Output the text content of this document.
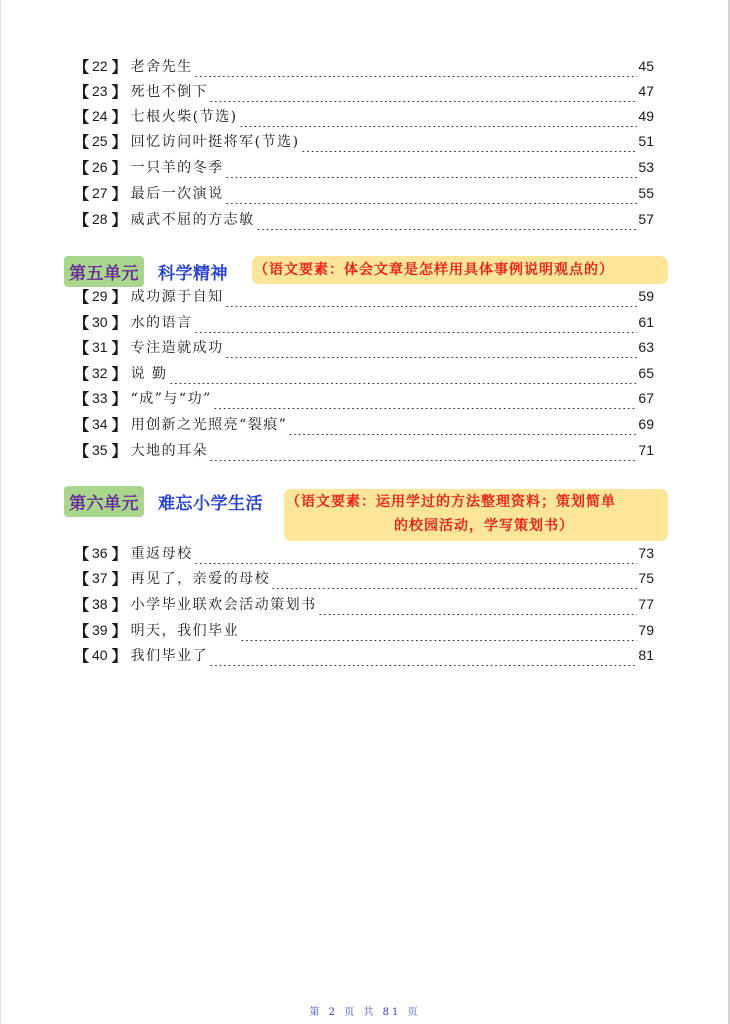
【 22 】 老舍先生	45
【 23 】 死也不倒下	47
【 24 】 七根火柴(节选)	49
【 25 】 回忆访问叶挺将军(节选)	51
【 26 】 一只羊的冬季	53
【 27 】 最后一次演说	55
【 28 】 威武不屈的方志敏	57
第五单元 科学精神 （语文要素：体会文章是怎样用具体事例说明观点的）
【 29 】 成功源于自知	59
【 30 】 水的语言	61
【 31 】 专注造就成功	63
【 32 】 说 勤	65
【 33 】 “成”与“功”	67
【 34 】 用创新之光照亮“裂痕”	69
【 35 】 大地的耳朵	71
第六单元 难忘小学生活 （语文要素：运用学过的方法整理资料；策划简单
的校园活动，学写策划书）
【 36 】 重返母校	73
【 37 】 再见了，亲爱的母校	75
【 38 】 小学毕业联欢会活动策划书	77
【 39 】 明天，我们毕业	79
【 40 】 我们毕业了	81
第 2 页 共 81 页
